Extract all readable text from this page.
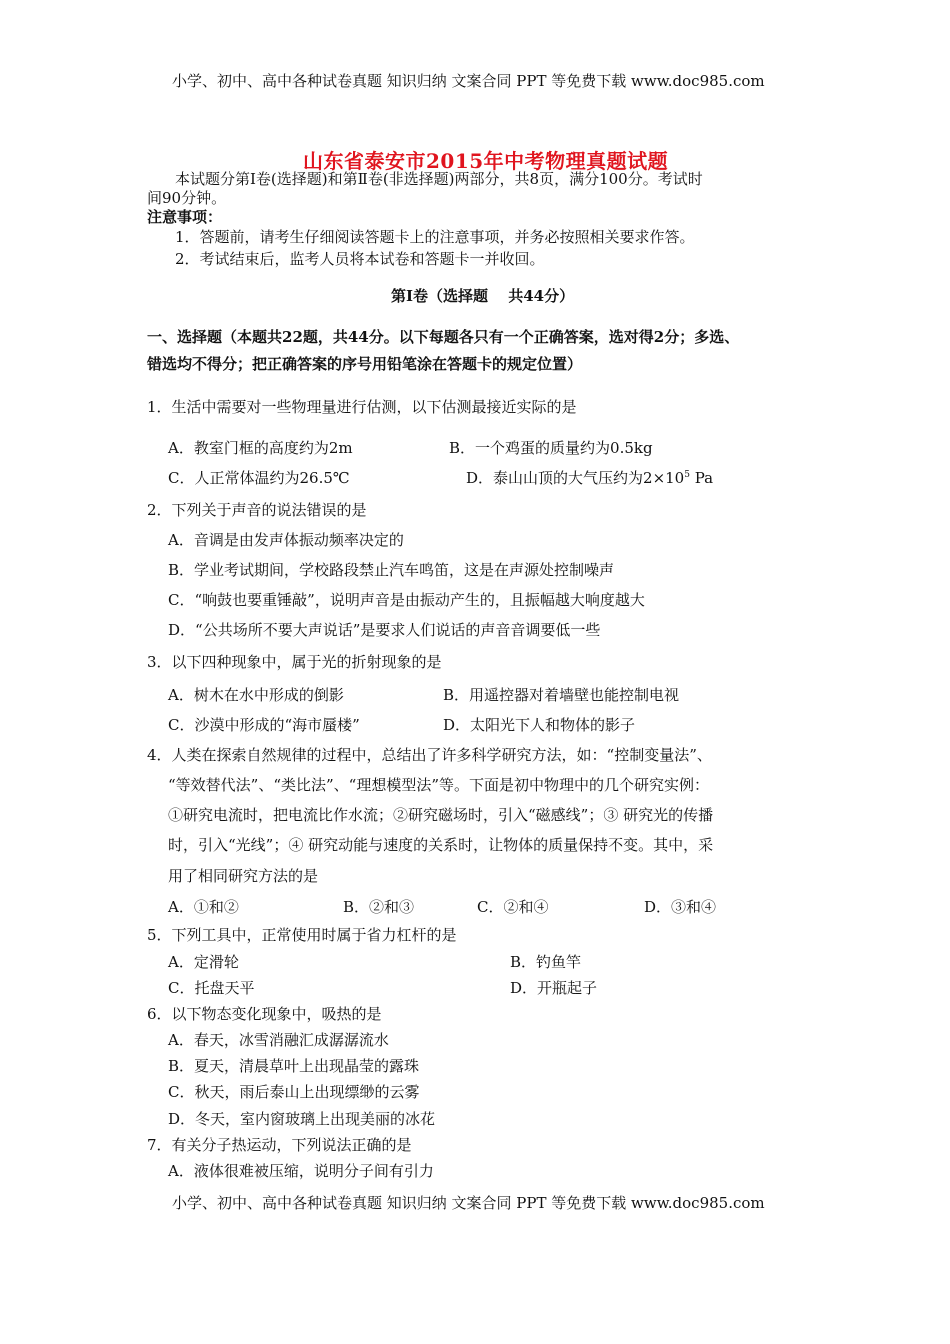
小学、初中、高中各种试卷真题 知识归纳 文案合同 PPT 等免费下载 www.doc985.com
小学、初中、高中各种试卷真题 知识归纳 文案合同 PPT 等免费下载 www.doc985.com
山东省泰安市2015年中考物理真题试题
本试题分第Ⅰ卷(选择题)和第Ⅱ卷(非选择题)两部分，共8页，满分100分。考试时
间90分钟。
注意事项：
1．答题前，请考生仔细阅读答题卡上的注意事项，并务必按照相关要求作答。
2．考试结束后，监考人员将本试卷和答题卡一并收回。
第Ⅰ卷（选择题　 共44分）
一、选择题（本题共22题，共44分。以下每题各只有一个正确答案，选对得2分；多选、
错选均不得分；把正确答案的序号用铅笔涂在答题卡的规定位置）
1．生活中需要对一些物理量进行估测，以下估测最接近实际的是
A．教室门框的高度约为2m	B．一个鸡蛋的质量约为0.5kg
C．人正常体温约为26.5℃	D．泰山山顶的大气压约为$2\times 10^5$ Pa
2．下列关于声音的说法错误的是
A．音调是由发声体振动频率决定的
B．学业考试期间，学校路段禁止汽车鸣笛，这是在声源处控制噪声
C．“响鼓也要重锤敲”，说明声音是由振动产生的，且振幅越大响度越大
D．“公共场所不要大声说话”是要求人们说话的声音音调要低一些
3．以下四种现象中，属于光的折射现象的是
A．树木在水中形成的倒影	B．用遥控器对着墙壁也能控制电视
C．沙漠中形成的“海市蜃楼”	D．太阳光下人和物体的影子
4．人类在探索自然规律的过程中，总结出了许多科学研究方法，如：“控制变量法”、
“等效替代法”、“类比法”、“理想模型法”等。下面是初中物理中的几个研究实例：
①研究电流时，把电流比作水流；②研究磁场时，引入“磁感线”；③ 研究光的传播
时，引入“光线”；④ 研究动能与速度的关系时，让物体的质量保持不变。其中，采
用了相同研究方法的是
A．①和②	B．②和③	C．②和④	D．③和④
5．下列工具中，正常使用时属于省力杠杆的是
A．定滑轮	B．钓鱼竿
C．托盘天平	D．开瓶起子
6．以下物态变化现象中，吸热的是
A．春天，冰雪消融汇成潺潺流水
B．夏天，清晨草叶上出现晶莹的露珠
C．秋天，雨后泰山上出现缥缈的云雾
D．冬天，室内窗玻璃上出现美丽的冰花
7．有关分子热运动，下列说法正确的是
A．液体很难被压缩，说明分子间有引力
